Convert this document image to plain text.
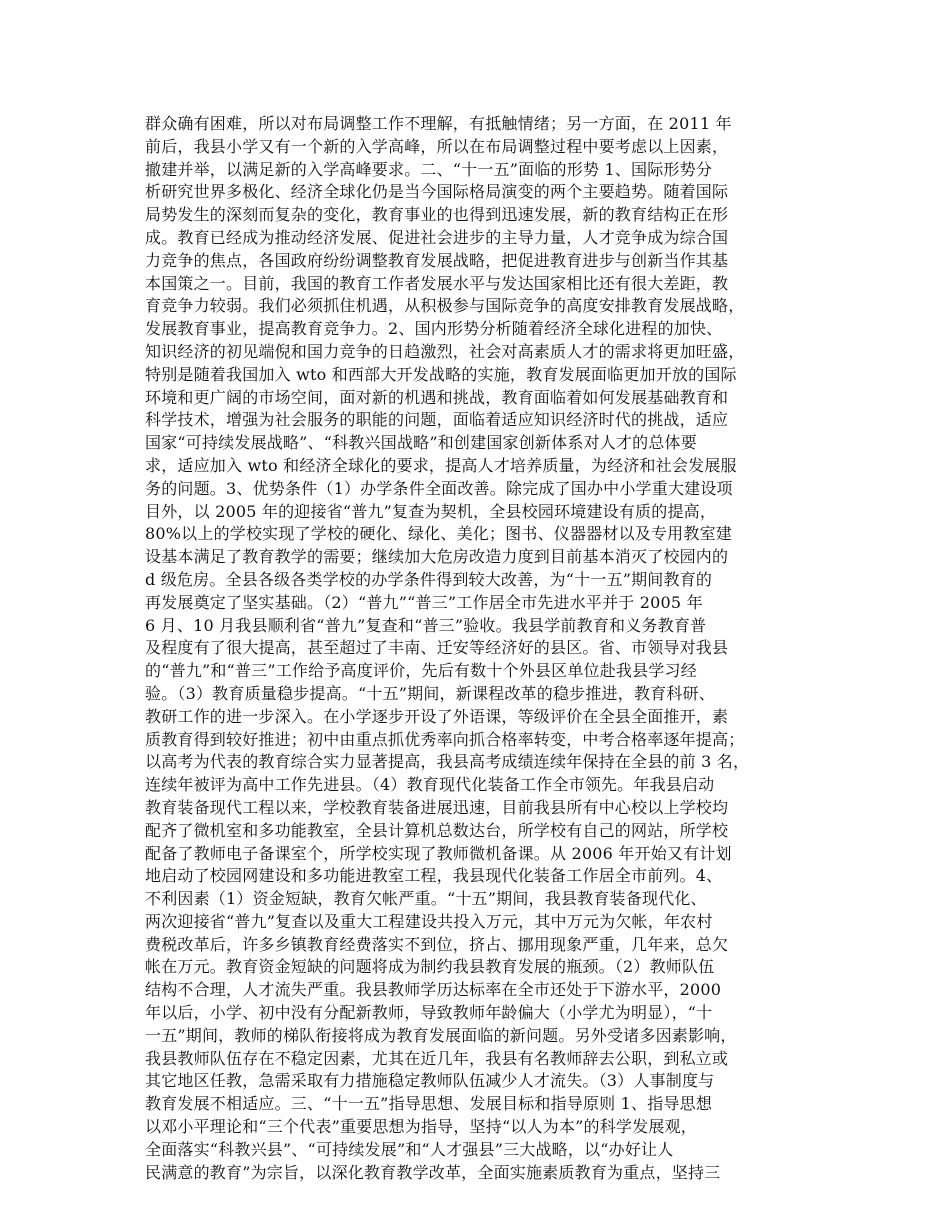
群众确有困难，所以对布局调整工作不理解，有抵触情绪；另一方面，在 2011 年
前后，我县小学又有一个新的入学高峰，所以在布局调整过程中要考虑以上因素，
撤建并举，以满足新的入学高峰要求。二、“十一五”面临的形势 1、国际形势分
析研究世界多极化、经济全球化仍是当今国际格局演变的两个主要趋势。随着国际
局势发生的深刻而复杂的变化，教育事业的也得到迅速发展，新的教育结构正在形
成。教育已经成为推动经济发展、促进社会进步的主导力量，人才竞争成为综合国
力竞争的焦点，各国政府纷纷调整教育发展战略，把促进教育进步与创新当作其基
本国策之一。目前，我国的教育工作者发展水平与发达国家相比还有很大差距，教
育竞争力较弱。我们必须抓住机遇，从积极参与国际竞争的高度安排教育发展战略，
发展教育事业，提高教育竞争力。2、国内形势分析随着经济全球化进程的加快、
知识经济的初见端倪和国力竞争的日趋激烈，社会对高素质人才的需求将更加旺盛，
特别是随着我国加入 wto 和西部大开发战略的实施，教育发展面临更加开放的国际
环境和更广阔的市场空间，面对新的机遇和挑战，教育面临着如何发展基础教育和
科学技术，增强为社会服务的职能的问题，面临着适应知识经济时代的挑战，适应
国家“可持续发展战略”、“科教兴国战略”和创建国家创新体系对人才的总体要
求，适应加入 wto 和经济全球化的要求，提高人才培养质量，为经济和社会发展服
务的问题。3、优势条件（1）办学条件全面改善。除完成了国办中小学重大建设项
目外，以 2005 年的迎接省“普九”复查为契机，全县校园环境建设有质的提高，
80%以上的学校实现了学校的硬化、绿化、美化；图书、仪器器材以及专用教室建
设基本满足了教育教学的需要；继续加大危房改造力度到目前基本消灭了校园内的
d 级危房。全县各级各类学校的办学条件得到较大改善，为“十一五”期间教育的
再发展奠定了坚实基础。（2）“普九”“普三”工作居全市先进水平并于 2005 年
6 月、10 月我县顺利省“普九”复查和“普三”验收。我县学前教育和义务教育普
及程度有了很大提高，甚至超过了丰南、迁安等经济好的县区。省、市领导对我县
的“普九”和“普三”工作给予高度评价，先后有数十个外县区单位赴我县学习经
验。（3）教育质量稳步提高。“十五”期间，新课程改革的稳步推进，教育科研、
教研工作的进一步深入。在小学逐步开设了外语课，等级评价在全县全面推开，素
质教育得到较好推进；初中由重点抓优秀率向抓合格率转变，中考合格率逐年提高；
以高考为代表的教育综合实力显著提高，我县高考成绩连续年保持在全县的前 3 名，
连续年被评为高中工作先进县。（4）教育现代化装备工作全市领先。年我县启动
教育装备现代工程以来，学校教育装备进展迅速，目前我县所有中心校以上学校均
配齐了微机室和多功能教室，全县计算机总数达台，所学校有自己的网站，所学校
配备了教师电子备课室个，所学校实现了教师微机备课。从 2006 年开始又有计划
地启动了校园网建设和多功能进教室工程，我县现代化装备工作居全市前列。4、
不利因素（1）资金短缺，教育欠帐严重。“十五”期间，我县教育装备现代化、
两次迎接省“普九”复查以及重大工程建设共投入万元，其中万元为欠帐，年农村
费税改革后，许多乡镇教育经费落实不到位，挤占、挪用现象严重，几年来，总欠
帐在万元。教育资金短缺的问题将成为制约我县教育发展的瓶颈。（2）教师队伍
结构不合理，人才流失严重。我县教师学历达标率在全市还处于下游水平，2000
年以后，小学、初中没有分配新教师，导致教师年龄偏大（小学尤为明显），“十
一五”期间，教师的梯队衔接将成为教育发展面临的新问题。另外受诸多因素影响，
我县教师队伍存在不稳定因素，尤其在近几年，我县有名教师辞去公职，到私立或
其它地区任教，急需采取有力措施稳定教师队伍减少人才流失。（3）人事制度与
教育发展不相适应。三、“十一五”指导思想、发展目标和指导原则 1、指导思想
以邓小平理论和“三个代表”重要思想为指导，坚持“以人为本”的科学发展观，
全面落实“科教兴县”、“可持续发展”和“人才强县”三大战略，以“办好让人
民满意的教育”为宗旨，以深化教育教学改革，全面实施素质教育为重点，坚持三
